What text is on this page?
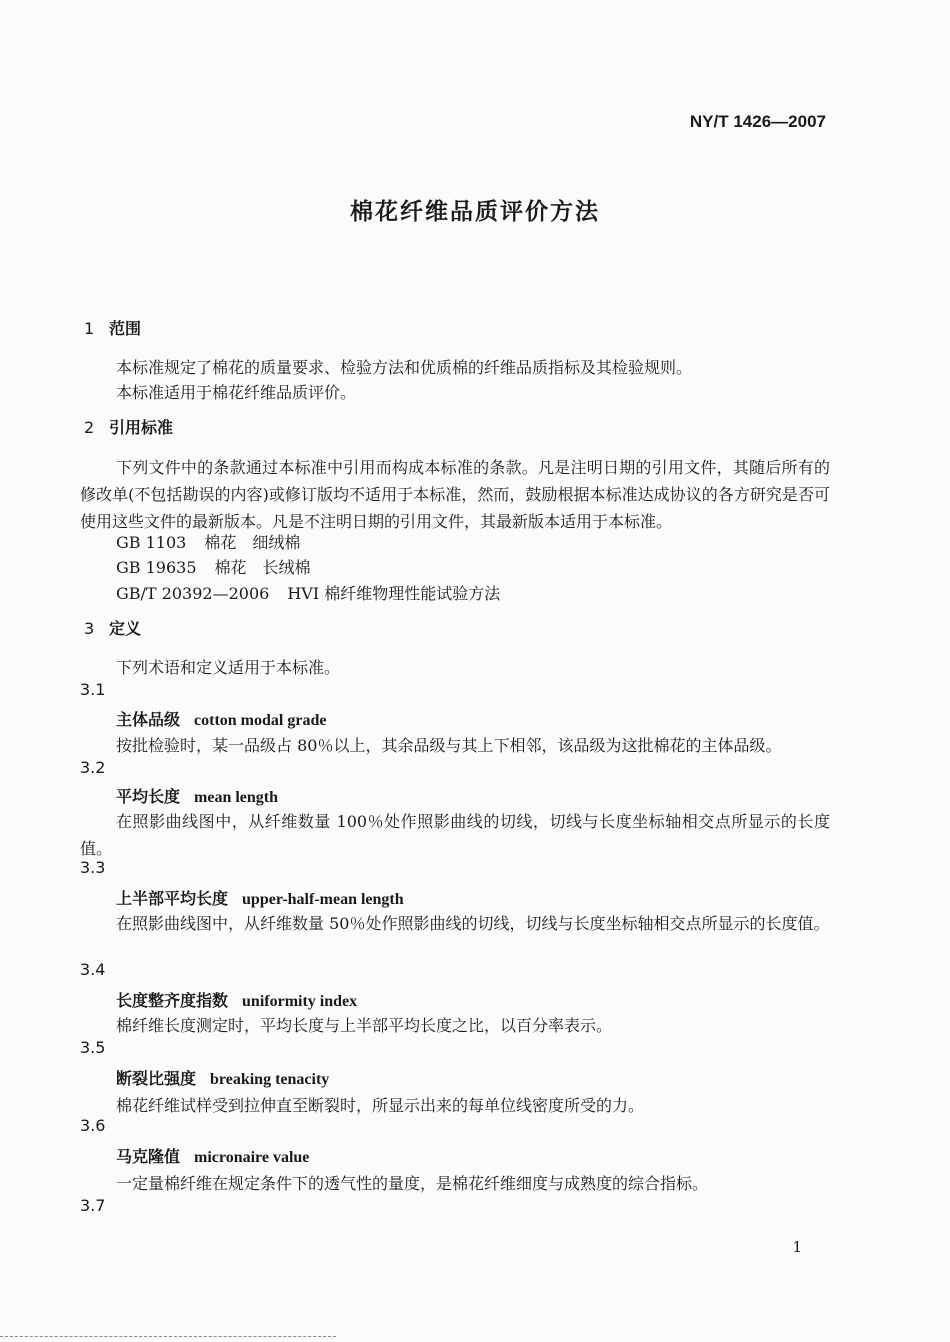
NY/T 1426—2007
棉花纤维品质评价方法
1 范围
本标准规定了棉花的质量要求、检验方法和优质棉的纤维品质指标及其检验规则。
本标准适用于棉花纤维品质评价。
2 引用标准
下列文件中的条款通过本标准中引用而构成本标准的条款。凡是注明日期的引用文件，其随后所有的修改单(不包括勘误的内容)或修订版均不适用于本标准，然而，鼓励根据本标准达成协议的各方研究是否可使用这些文件的最新版本。凡是不注明日期的引用文件，其最新版本适用于本标准。
GB 1103 棉花　细绒棉
GB 19635 棉花　长绒棉
GB/T 20392—2006 HVI 棉纤维物理性能试验方法
3 定义
下列术语和定义适用于本标准。
3.1
主体品级 cotton modal grade
按批检验时，某一品级占 80％以上，其余品级与其上下相邻，该品级为这批棉花的主体品级。
3.2
平均长度 mean length
在照影曲线图中，从纤维数量 100％处作照影曲线的切线，切线与长度坐标轴相交点所显示的长度值。
3.3
上半部平均长度 upper-half-mean length
在照影曲线图中，从纤维数量 50％处作照影曲线的切线，切线与长度坐标轴相交点所显示的长度值。
3.4
长度整齐度指数 uniformity index
棉纤维长度测定时，平均长度与上半部平均长度之比，以百分率表示。
3.5
断裂比强度 breaking tenacity
棉花纤维试样受到拉伸直至断裂时，所显示出来的每单位线密度所受的力。
3.6
马克隆值 micronaire value
一定量棉纤维在规定条件下的透气性的量度，是棉花纤维细度与成熟度的综合指标。
3.7
1
